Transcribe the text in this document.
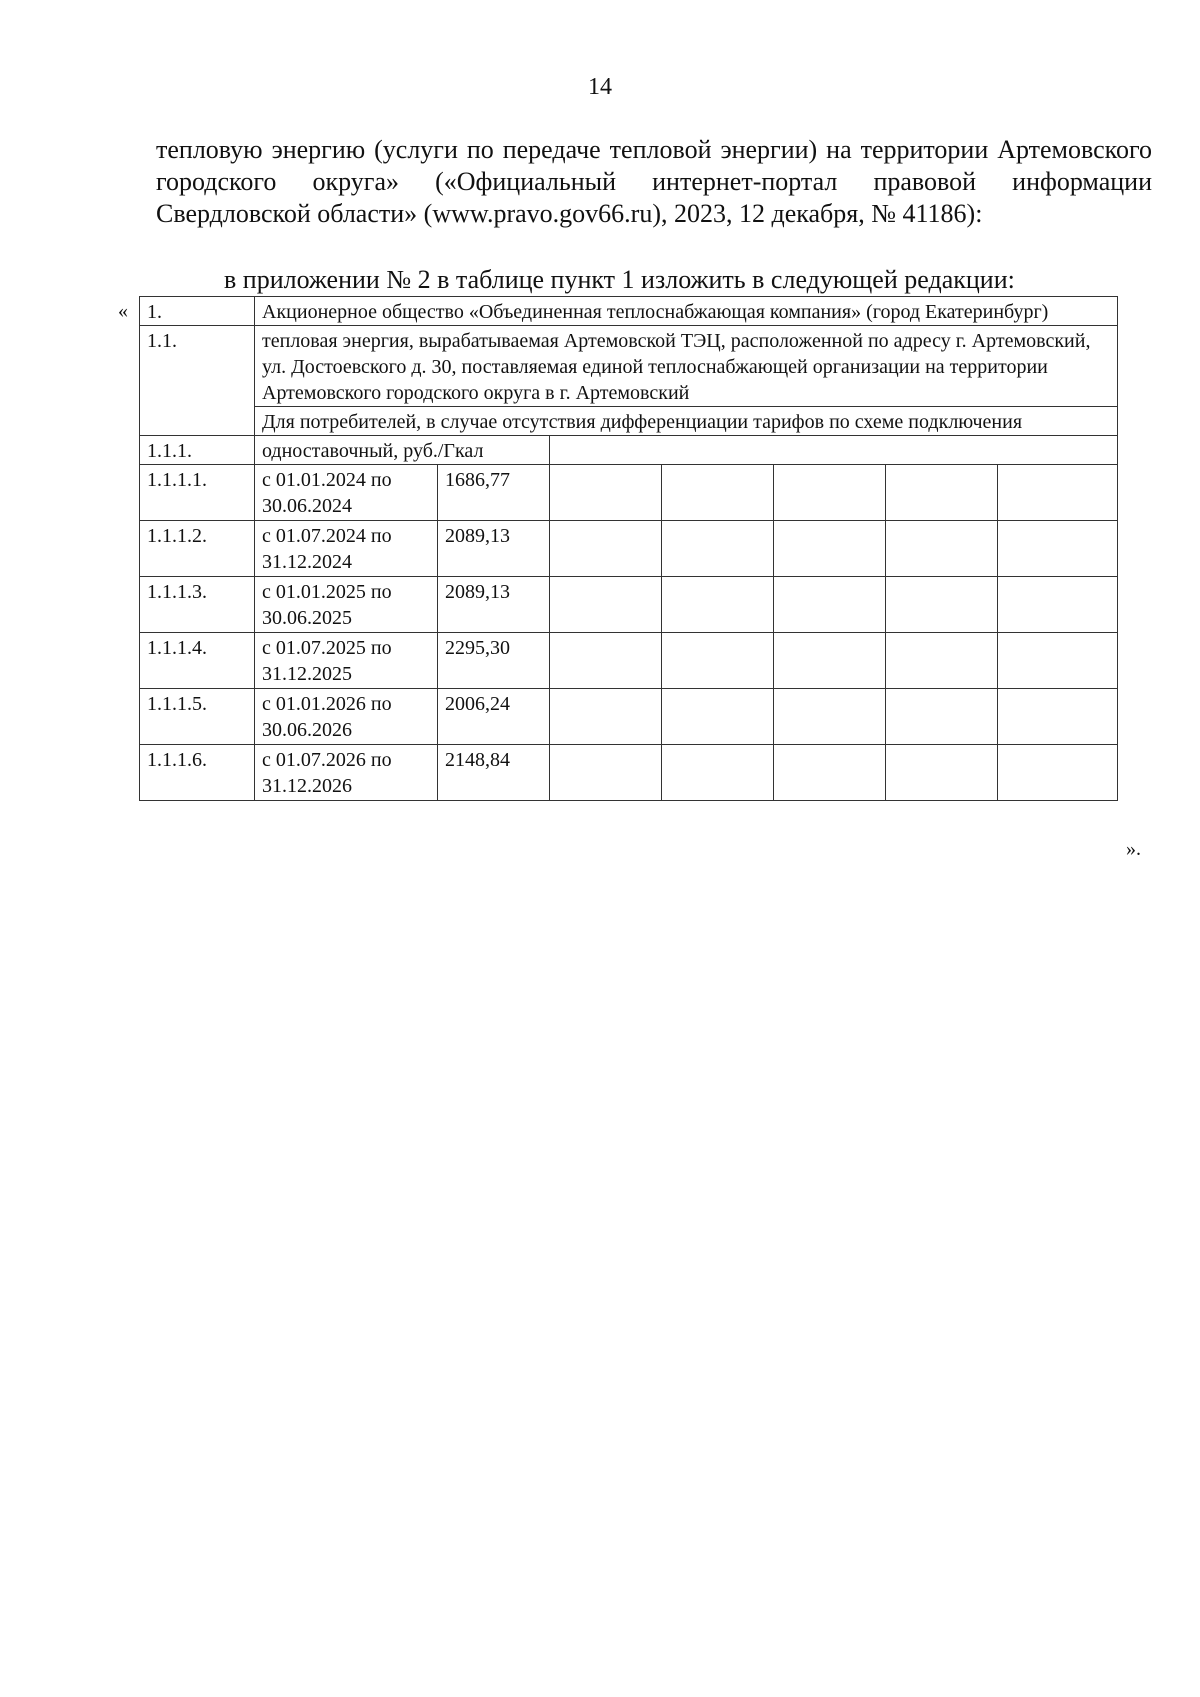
14

тепловую энергию (услуги по передаче тепловой энергии) на территории Артемовского городского округа» («Официальный интернет-портал правовой информации Свердловской области» (www.pravo.gov66.ru), 2023, 12 декабря, № 41186):

в приложении № 2 в таблице пункт 1 изложить в следующей редакции:

« 1.	Акционерное общество «Объединенная теплоснабжающая компания» (город Екатеринбург)						
1.1.	тепловая энергия, вырабатываемая Артемовской ТЭЦ, расположенной по адресу г. Артемовский, ул. Достоевского д. 30, поставляемая единой теплоснабжающей организации на территории Артемовского городского округа в г. Артемовский						
	Для потребителей, в случае отсутствия дифференциации тарифов по схеме подключения						
1.1.1.	одноставочный, руб./Гкал						
1.1.1.1.	с 01.01.2024 по 30.06.2024	1686,77					
1.1.1.2.	с 01.07.2024 по 31.12.2024	2089,13					
1.1.1.3.	с 01.01.2025 по 30.06.2025	2089,13					
1.1.1.4.	с 01.07.2025 по 31.12.2025	2295,30					
1.1.1.5.	с 01.01.2026 по 30.06.2026	2006,24					
1.1.1.6.	с 01.07.2026 по 31.12.2026	2148,84					
».
